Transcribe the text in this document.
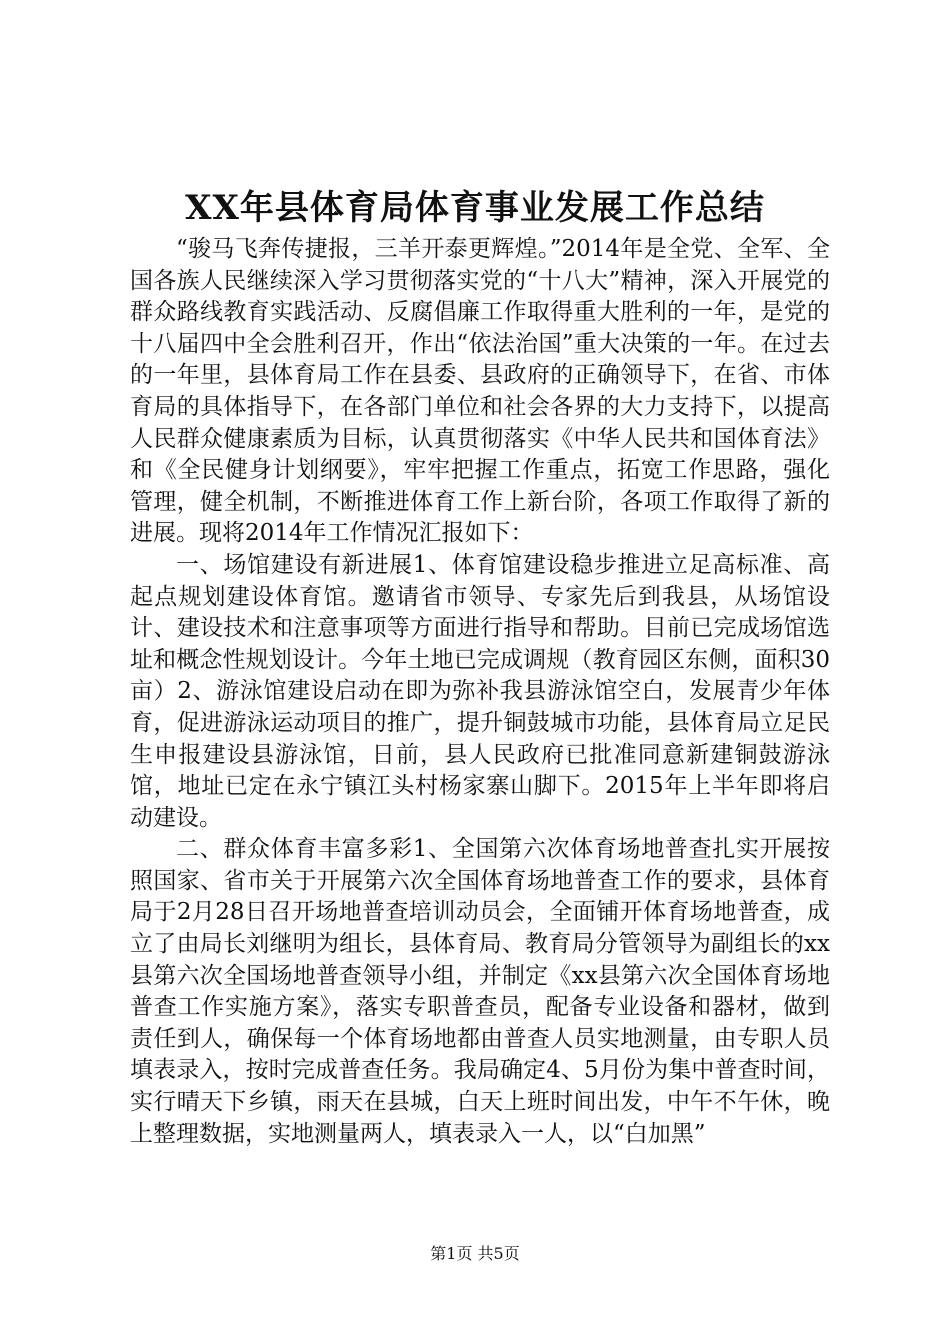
XX年县体育局体育事业发展工作总结

“骏马飞奔传捷报，三羊开泰更辉煌。”2014年是全党、全军、全国各族人民继续深入学习贯彻落实党的“十八大”精神，深入开展党的群众路线教育实践活动、反腐倡廉工作取得重大胜利的一年，是党的十八届四中全会胜利召开，作出“依法治国”重大决策的一年。在过去的一年里，县体育局工作在县委、县政府的正确领导下，在省、市体育局的具体指导下，在各部门单位和社会各界的大力支持下，以提高人民群众健康素质为目标，认真贯彻落实《中华人民共和国体育法》和《全民健身计划纲要》，牢牢把握工作重点，拓宽工作思路，强化管理，健全机制，不断推进体育工作上新台阶，各项工作取得了新的进展。现将2014年工作情况汇报如下：

一、场馆建设有新进展1、体育馆建设稳步推进立足高标准、高起点规划建设体育馆。邀请省市领导、专家先后到我县，从场馆设计、建设技术和注意事项等方面进行指导和帮助。目前已完成场馆选址和概念性规划设计。今年土地已完成调规（教育园区东侧，面积30亩）2、游泳馆建设启动在即为弥补我县游泳馆空白，发展青少年体育，促进游泳运动项目的推广，提升铜鼓城市功能，县体育局立足民生申报建设县游泳馆，日前，县人民政府已批准同意新建铜鼓游泳馆，地址已定在永宁镇江头村杨家寨山脚下。2015年上半年即将启动建设。

二、群众体育丰富多彩1、全国第六次体育场地普查扎实开展按照国家、省市关于开展第六次全国体育场地普查工作的要求，县体育局于2月28日召开场地普查培训动员会，全面铺开体育场地普查，成立了由局长刘继明为组长，县体育局、教育局分管领导为副组长的xx县第六次全国场地普查领导小组，并制定《xx县第六次全国体育场地普查工作实施方案》，落实专职普查员，配备专业设备和器材，做到责任到人，确保每一个体育场地都由普查人员实地测量，由专职人员填表录入，按时完成普查任务。我局确定4、5月份为集中普查时间，实行晴天下乡镇，雨天在县城，白天上班时间出发，中午不午休，晚上整理数据，实地测量两人，填表录入一人，以“白加黑”

第1页 共5页
